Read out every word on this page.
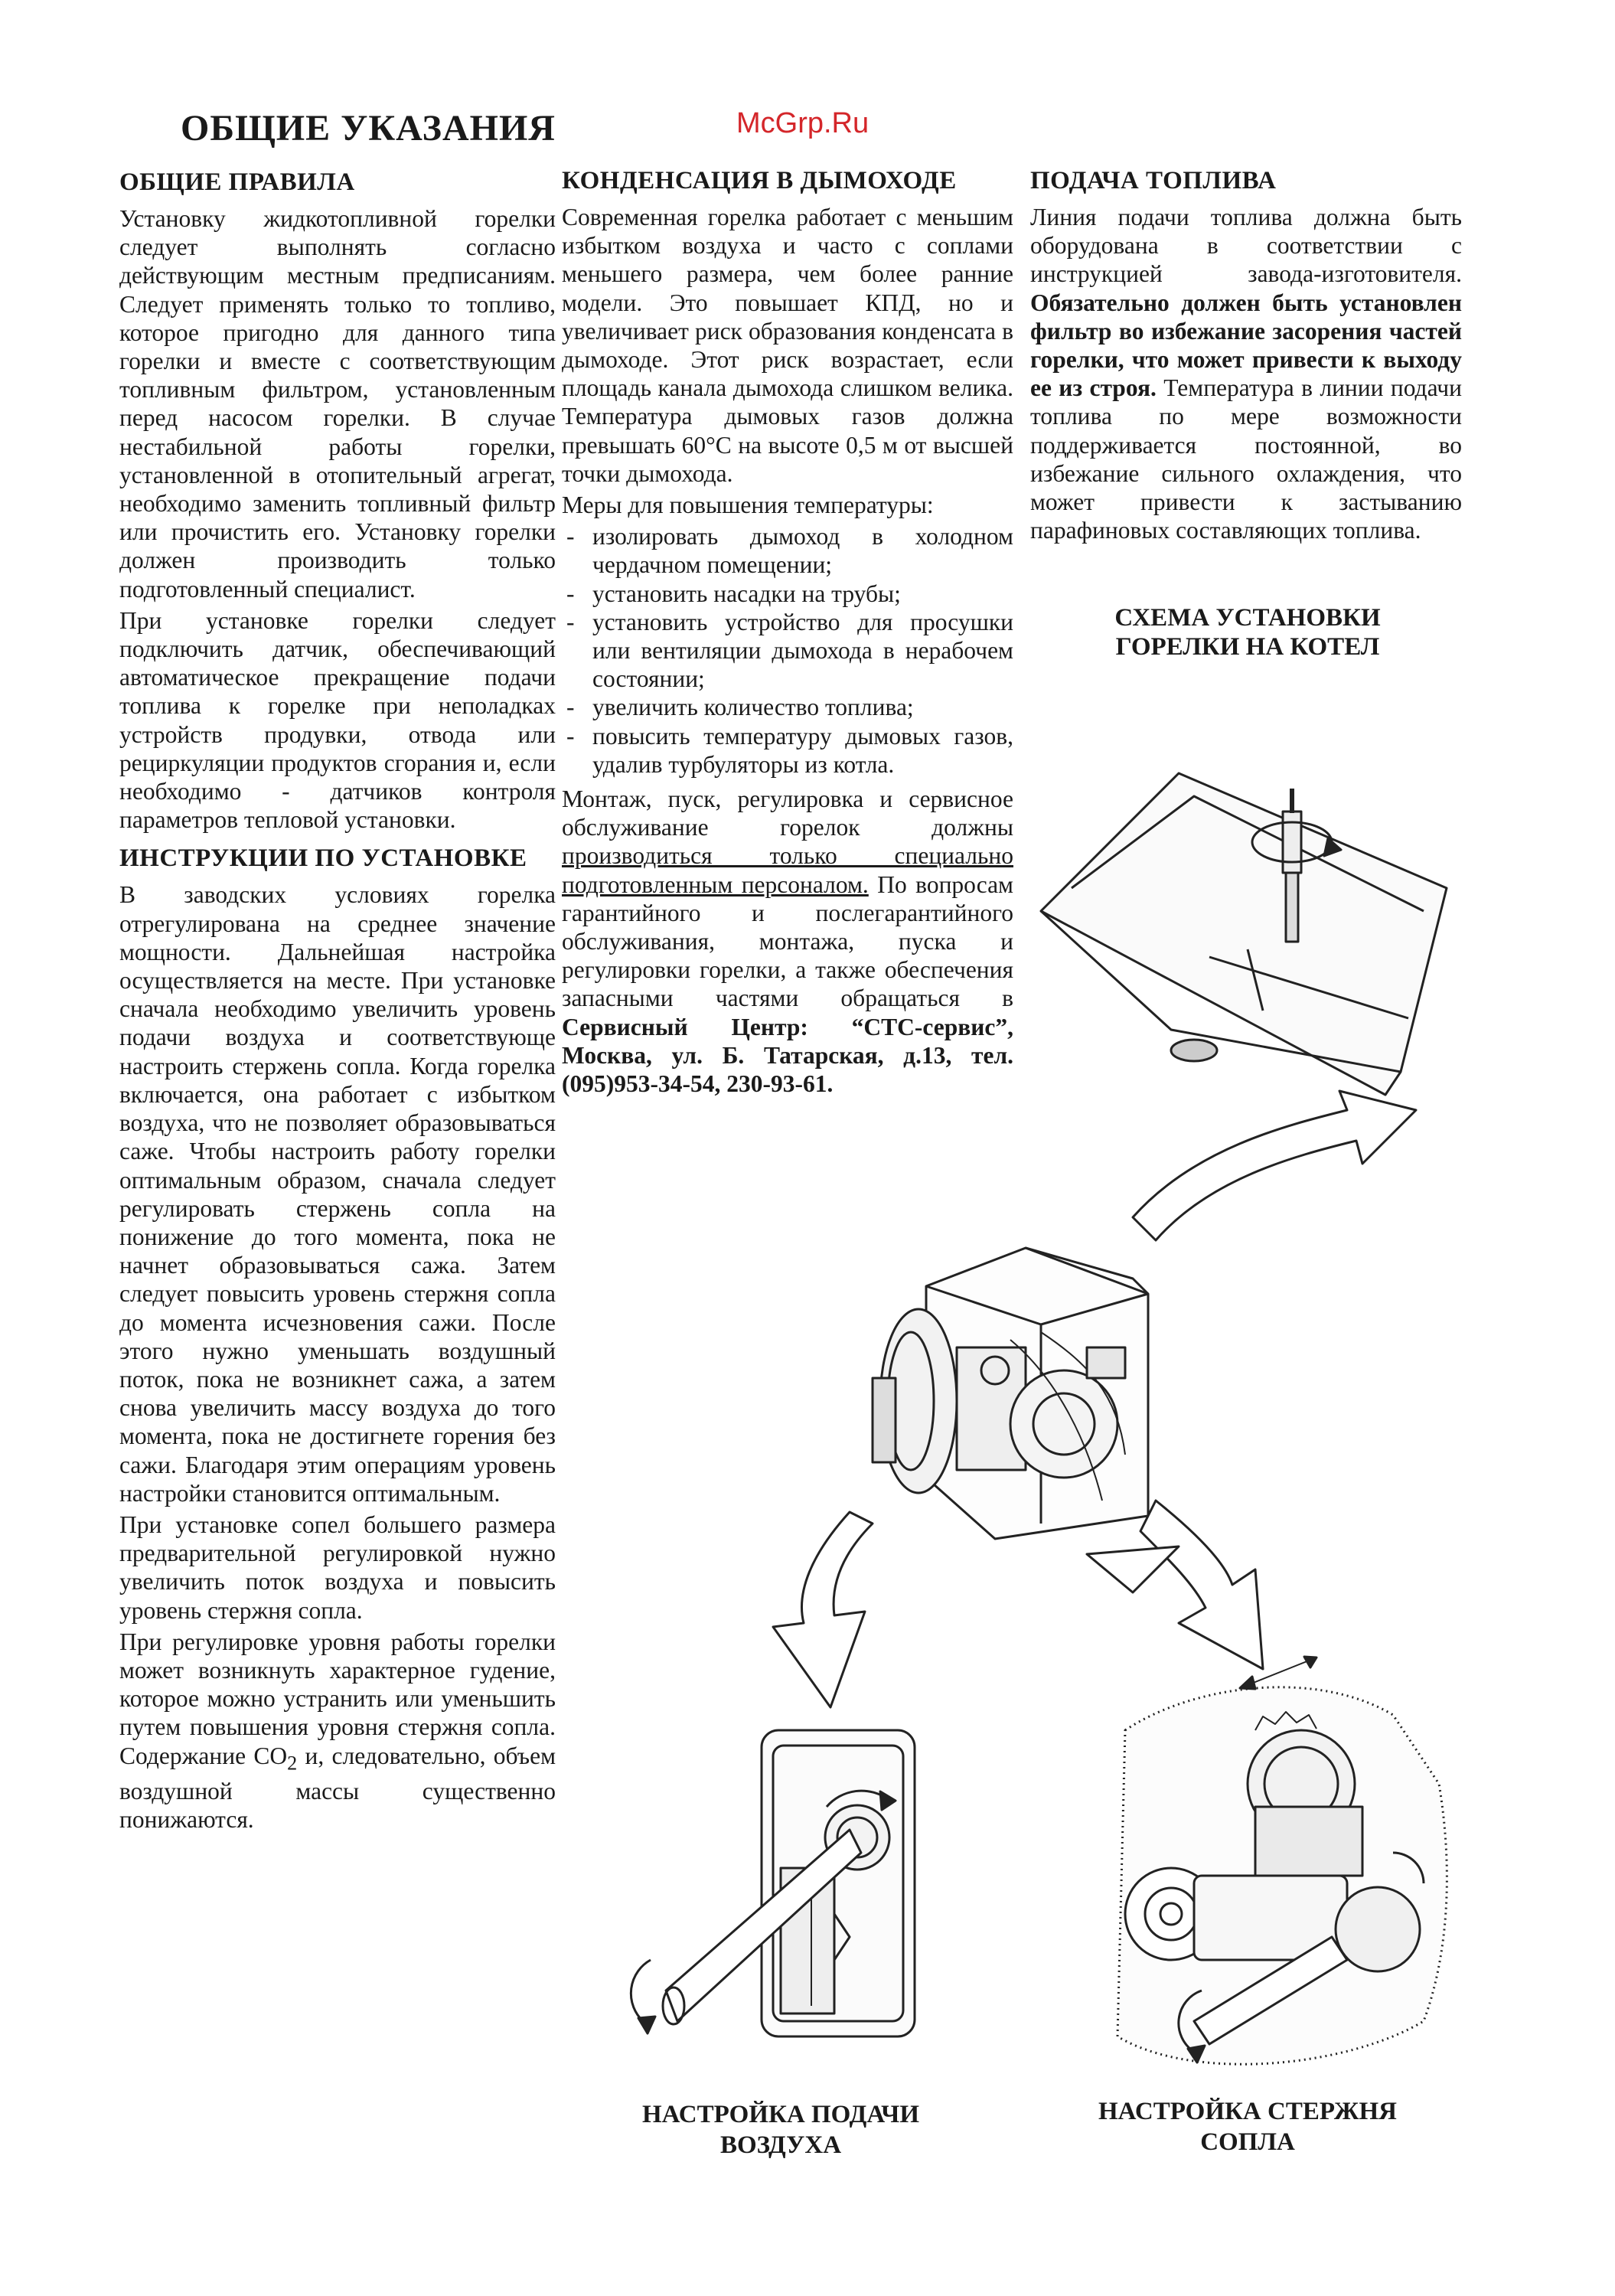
ОБЩИЕ УКАЗАНИЯ	McGrp.Ru
ОБЩИЕ ПРАВИЛА

Установку жидкотопливной горелки следует выполнять согласно действующим местным предписаниям. Следует применять только то топливо, которое пригодно для данного типа горелки и вместе с соответствующим топливным фильтром, установленным перед насосом горелки. В случае нестабильной работы горелки, установленной в отопительный агрегат, необходимо заменить топливный фильтр или прочистить его. Установку горелки должен производить только подготовленный специалист.

При установке горелки следует подключить датчик, обеспечивающий автоматическое прекращение подачи топлива к горелке при неполадках устройств продувки, отвода или рециркуляции продуктов сгорания и, если необходимо - датчиков контроля параметров тепловой установки.

ИНСТРУКЦИИ ПО УСТАНОВКЕ

В заводских условиях горелка отрегулирована на среднее значение мощности. Дальнейшая настройка осуществляется на месте. При установке сначала необходимо увеличить уровень подачи воздуха и соответствующе настроить стержень сопла. Когда горелка включается, она работает с избытком воздуха, что не позволяет образовываться саже. Чтобы настроить работу горелки оптимальным образом, сначала следует регулировать стержень сопла на понижение до того момента, пока не начнет образовываться сажа. Затем следует повысить уровень стержня сопла до момента исчезновения сажи. После этого нужно уменьшать воздушный поток, пока не возникнет сажа, а затем снова увеличить массу воздуха до того момента, пока не достигнете горения без сажи. Благодаря этим операциям уровень настройки становится оптимальным.

При установке сопел большего размера предварительной регулировкой нужно увеличить поток воздуха и повысить уровень стержня сопла.

При регулировке уровня работы горелки может возникнуть характерное гудение, которое можно устранить или уменьшить путем повышения уровня стержня сопла. Содержание $CO_2$ и, следовательно, объем воздушной массы существенно понижаются.

КОНДЕНСАЦИЯ В ДЫМОХОДЕ

Современная горелка работает с меньшим избытком воздуха и часто с соплами меньшего размера, чем более ранние модели. Это повышает КПД, но и увеличивает риск образования конденсата в дымоходе. Этот риск возрастает, если площадь канала дымохода слишком велика. Температура дымовых газов должна превышать 60°С на высоте 0,5 м от высшей точки дымохода.

Меры для повышения температуры:

- изолировать дымоход в холодном чердачном помещении;
- установить насадки на трубы;
- установить устройство для просушки или вентиляции дымохода в нерабочем состоянии;
- увеличить количество топлива;
- повысить температуру дымовых газов, удалив турбуляторы из котла.

Монтаж, пуск, регулировка и сервисное обслуживание горелок должны производиться только специально подготовленным персоналом. По вопросам гарантийного и послегарантийного обслуживания, монтажа, пуска и регулировки горелки, а также обеспечения запасными частями обращаться в Сервисный Центр: “СТС-сервис”, Москва, ул. Б. Татарская, д.13, тел. (095)953-34-54, 230-93-61.

ПОДАЧА ТОПЛИВА

Линия подачи топлива должна быть оборудована в соответствии с инструкцией завода-изготовителя. Обязательно должен быть установлен фильтр во избежание засорения частей горелки, что может привести к выходу ее из строя. Температура в линии подачи топлива по мере возможности поддерживается постоянной, во избежание сильного охлаждения, что может привести к застыванию парафиновых составляющих топлива.

СХЕМА УСТАНОВКИ ГОРЕЛКИ НА КОТЕЛ
НАСТРОЙКА ПОДАЧИ ВОЗДУХА
НАСТРОЙКА СТЕРЖНЯ СОПЛА
